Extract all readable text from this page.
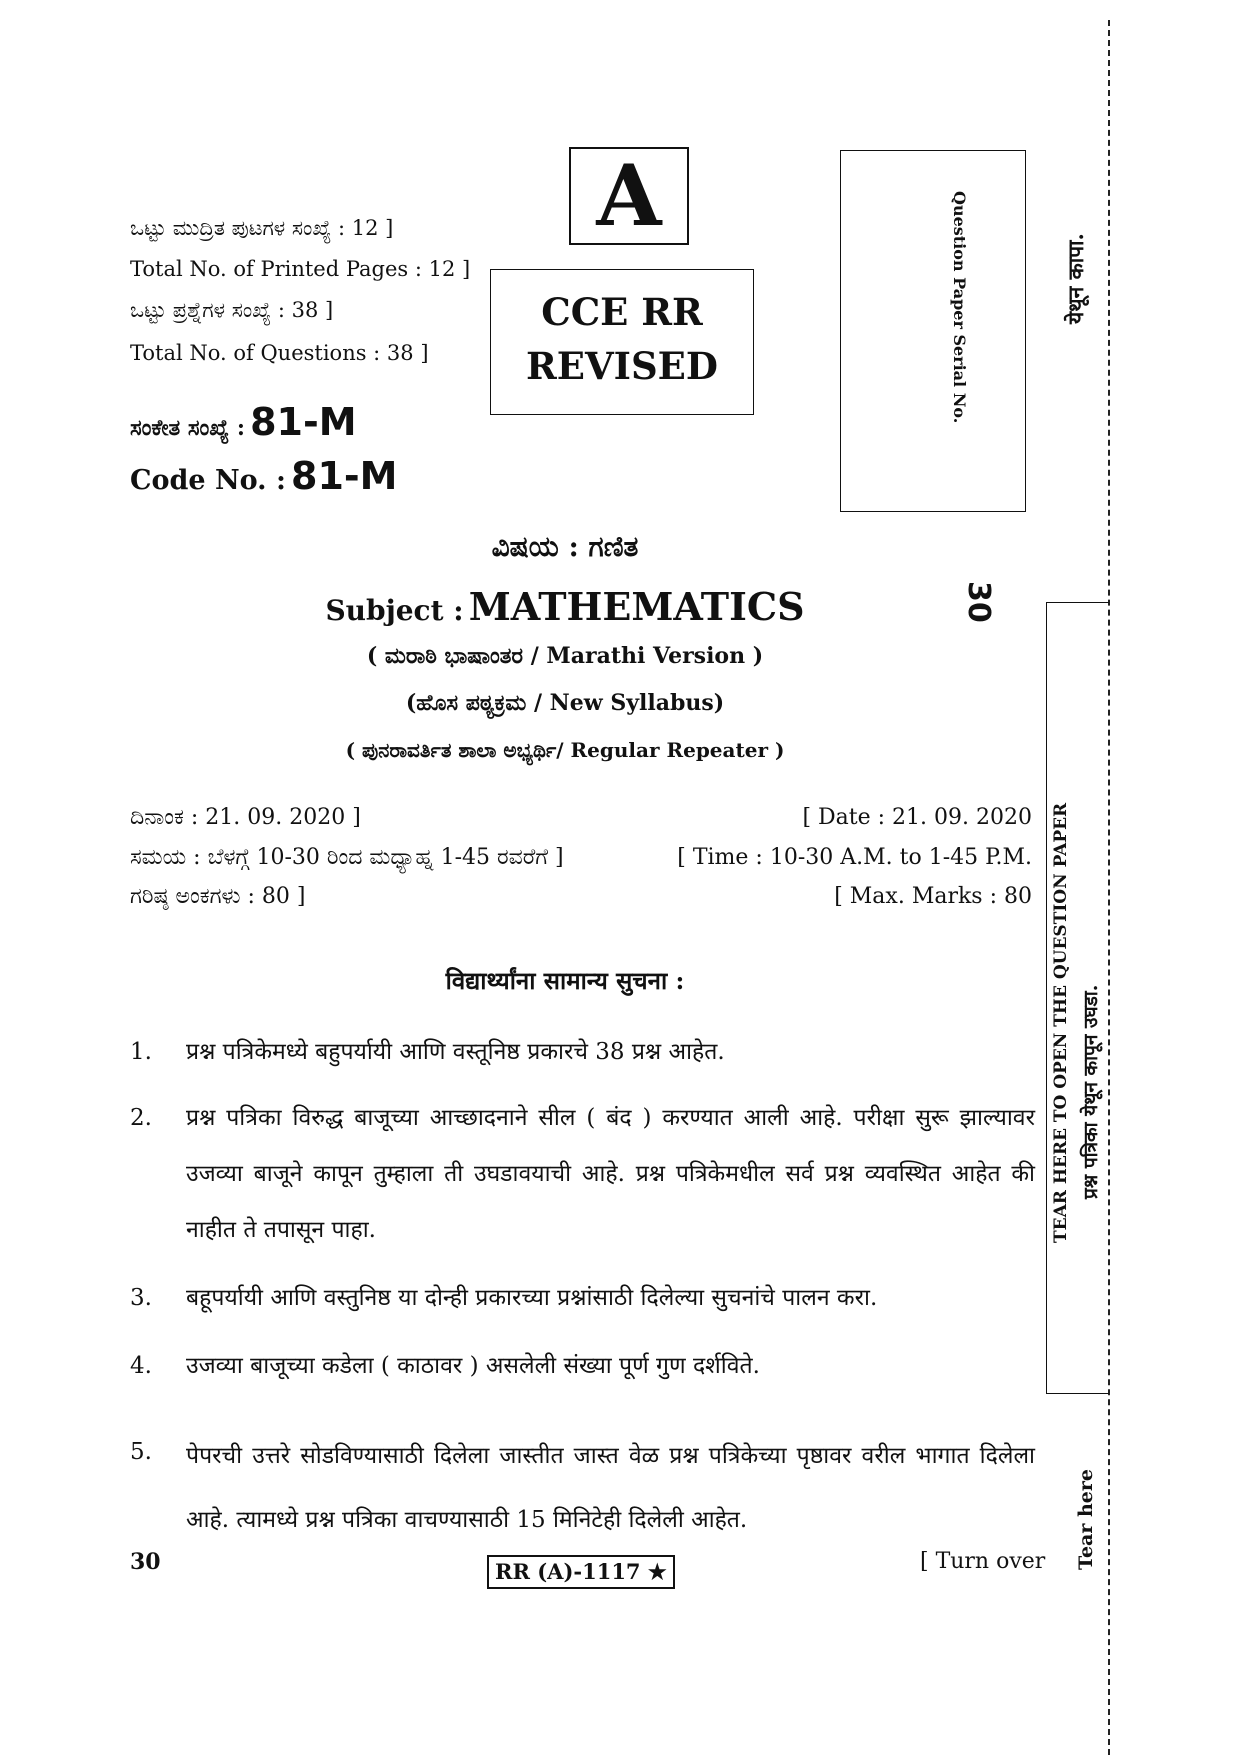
ಒಟ್ಟು ಮುದ್ರಿತ ಪುಟಗಳ ಸಂಖ್ಯೆ : 12 ]
Total No. of Printed Pages : 12 ]
ಒಟ್ಟು ಪ್ರಶ್ನೆಗಳ ಸಂಖ್ಯೆ : 38 ]
Total No. of Questions : 38 ]
ಸಂಕೇತ ಸಂಖ್ಯೆ : 81-M
Code No. : 81-M
A
CCE RR
REVISED	Question Paper Serial No.
30
ವಿಷಯ : ಗಣಿತ
Subject : MATHEMATICS
( ಮರಾಠಿ ಭಾಷಾಂತರ / Marathi Version )
(ಹೊಸ ಪಠ್ಯಕ್ರಮ / New Syllabus)
( ಪುನರಾವರ್ತಿತ ಶಾಲಾ ಅಭ್ಯರ್ಥಿ/ Regular Repeater )
ದಿನಾಂಕ : 21. 09. 2020 ]	[ Date : 21. 09. 2020
ಸಮಯ : ಬೆಳಗ್ಗೆ 10-30 ರಿಂದ ಮಧ್ಯಾಹ್ನ 1-45 ರವರೆಗೆ ]	[ Time : 10-30 A.M. to 1-45 P.M.
ಗರಿಷ್ಠ ಅಂಕಗಳು : 80 ]	[ Max. Marks : 80
विद्यार्थ्यांना सामान्य सुचना :
1. प्रश्न पत्रिकेमध्ये बहुपर्यायी आणि वस्तूनिष्ठ प्रकारचे 38 प्रश्न आहेत.
2. प्रश्न पत्रिका विरुद्ध बाजूच्या आच्छादनाने सील ( बंद ) करण्यात आली आहे. परीक्षा सुरू झाल्यावर उजव्या बाजूने कापून तुम्हाला ती उघडावयाची आहे. प्रश्न पत्रिकेमधील सर्व प्रश्न व्यवस्थित आहेत की नाहीत ते तपासून पाहा.
3. बहूपर्यायी आणि वस्तुनिष्ठ या दोन्ही प्रकारच्या प्रश्नांसाठी दिलेल्या सुचनांचे पालन करा.
4. उजव्या बाजूच्या कडेला ( काठावर ) असलेली संख्या पूर्ण गुण दर्शविते.
5. पेपरची उत्तरे सोडविण्यासाठी दिलेला जास्तीत जास्त वेळ प्रश्न पत्रिकेच्या पृष्ठावर वरील भागात दिलेला आहे. त्यामध्ये प्रश्न पत्रिका वाचण्यासाठी 15 मिनिटेही दिलेली आहेत.
येथून कापा.
TEAR HERE TO OPEN THE QUESTION PAPER प्रश्न पत्रिका येथून कापून उघडा.
Tear here
30	RR (A)-1117 ★	[ Turn over
